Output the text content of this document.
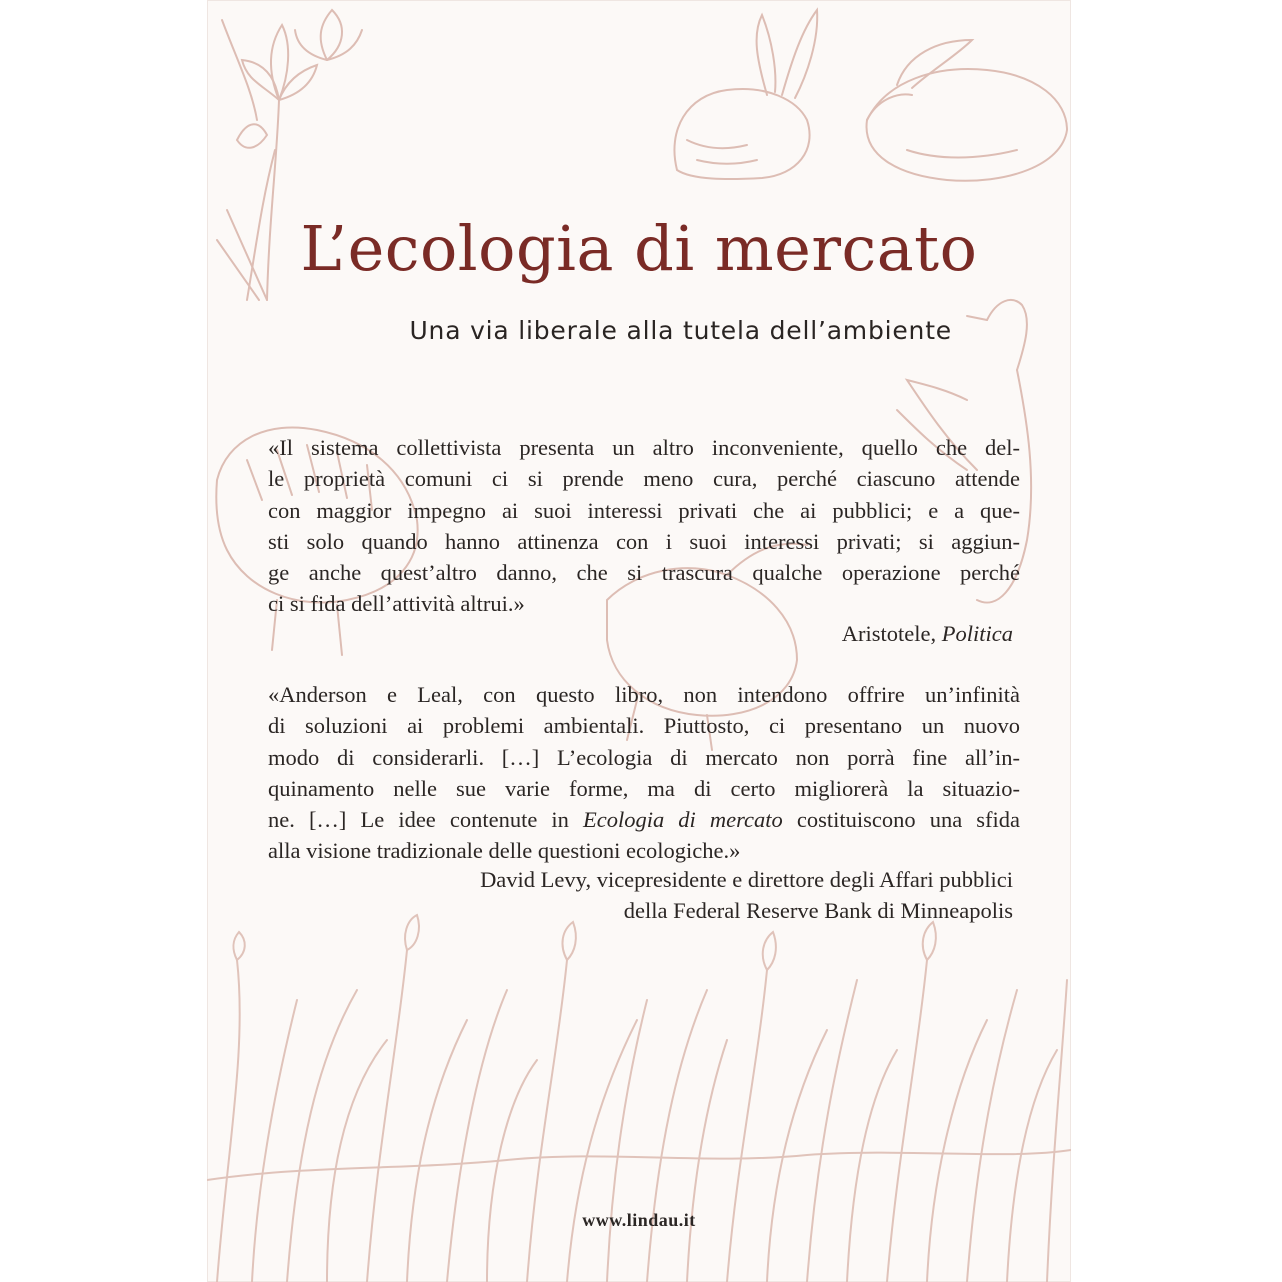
L’ecologia di mercato
Una via liberale alla tutela dell’ambiente

«Il sistema collettivista presenta un altro inconveniente, quello che del-
le proprietà comuni ci si prende meno cura, perché ciascuno attende
con maggior impegno ai suoi interessi privati che ai pubblici; e a que-
sti solo quando hanno attinenza con i suoi interessi privati; si aggiun-
ge anche quest’altro danno, che si trascura qualche operazione perché
ci si fida dell’attività altrui.»

Aristotele, Politica

«Anderson e Leal, con questo libro, non intendono offrire un’infinità
di soluzioni ai problemi ambientali. Piuttosto, ci presentano un nuovo
modo di considerarli. […] L’ecologia di mercato non porrà fine all’in-
quinamento nelle sue varie forme, ma di certo migliorerà la situazio-
ne. […] Le idee contenute in Ecologia di mercato costituiscono una sfida
alla visione tradizionale delle questioni ecologiche.»

David Levy, vicepresidente e direttore degli Affari pubblici
della Federal Reserve Bank di Minneapolis

www.lindau.it
